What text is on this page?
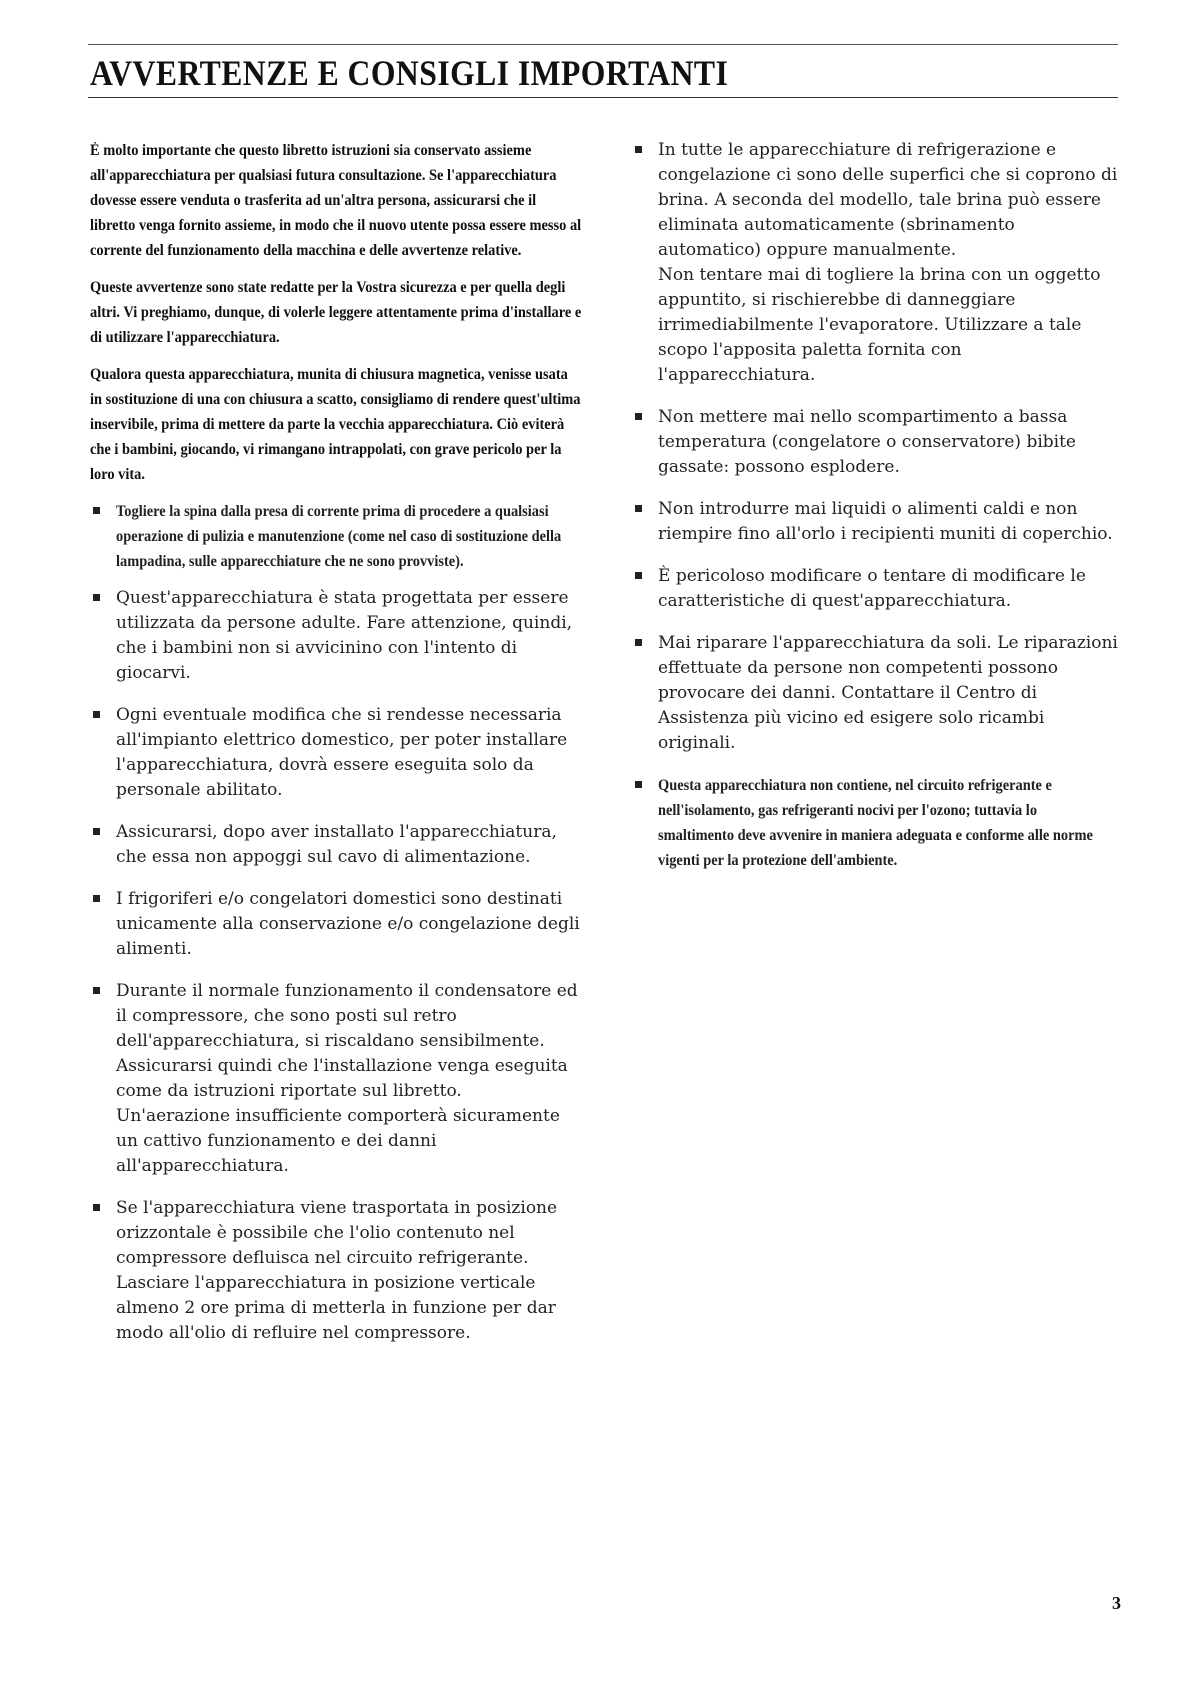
AVVERTENZE E CONSIGLI IMPORTANTI

È molto importante che questo libretto istruzioni sia conservato assieme all'apparecchiatura per qualsiasi futura consultazione. Se l'apparecchiatura dovesse essere venduta o trasferita ad un'altra persona, assicurarsi che il libretto venga fornito assieme, in modo che il nuovo utente possa essere messo al corrente del funzionamento della macchina e delle avvertenze relative.

Queste avvertenze sono state redatte per la Vostra sicurezza e per quella degli altri. Vi preghiamo, dunque, di volerle leggere attentamente prima d'installare e di utilizzare l'apparecchiatura.

Qualora questa apparecchiatura, munita di chiusura magnetica, venisse usata in sostituzione di una con chiusura a scatto, consigliamo di rendere quest'ultima inservibile, prima di mettere da parte la vecchia apparecchiatura. Ciò eviterà che i bambini, giocando, vi rimangano intrappolati, con grave pericolo per la loro vita.

Togliere la spina dalla presa di corrente prima di procedere a qualsiasi operazione di pulizia e manutenzione (come nel caso di sostituzione della lampadina, sulle apparecchiature che ne sono provviste).
Quest'apparecchiatura è stata progettata per essere utilizzata da persone adulte. Fare attenzione, quindi, che i bambini non si avvicinino con l'intento di giocarvi.
Ogni eventuale modifica che si rendesse necessaria all'impianto elettrico domestico, per poter installare l'apparecchiatura, dovrà essere eseguita solo da personale abilitato.
Assicurarsi, dopo aver installato l'apparecchiatura, che essa non appoggi sul cavo di alimentazione.
I frigoriferi e/o congelatori domestici sono destinati unicamente alla conservazione e/o congelazione degli alimenti.
Durante il normale funzionamento il condensatore ed il compressore, che sono posti sul retro dell'apparecchiatura, si riscaldano sensibilmente. Assicurarsi quindi che l'installazione venga eseguita come da istruzioni riportate sul libretto. Un'aerazione insufficiente comporterà sicuramente un cattivo funzionamento e dei danni all'apparecchiatura.
Se l'apparecchiatura viene trasportata in posizione orizzontale è possibile che l'olio contenuto nel compressore defluisca nel circuito refrigerante.
Lasciare l'apparecchiatura in posizione verticale almeno 2 ore prima di metterla in funzione per dar modo all'olio di refluire nel compressore.
In tutte le apparecchiature di refrigerazione e congelazione ci sono delle superfici che si coprono di brina. A seconda del modello, tale brina può essere eliminata automaticamente (sbrinamento automatico) oppure manualmente.
Non tentare mai di togliere la brina con un oggetto appuntito, si rischierebbe di danneggiare irrimediabilmente l'evaporatore. Utilizzare a tale scopo l'apposita paletta fornita con l'apparecchiatura.
Non mettere mai nello scompartimento a bassa temperatura (congelatore o conservatore) bibite gassate: possono esplodere.
Non introdurre mai liquidi o alimenti caldi e non riempire fino all'orlo i recipienti muniti di coperchio.
È pericoloso modificare o tentare di modificare le caratteristiche di quest'apparecchiatura.
Mai riparare l'apparecchiatura da soli. Le riparazioni effettuate da persone non competenti possono provocare dei danni. Contattare il Centro di Assistenza più vicino ed esigere solo ricambi originali.
Questa apparecchiatura non contiene, nel circuito refrigerante e nell'isolamento, gas refrigeranti nocivi per l'ozono; tuttavia lo smaltimento deve avvenire in maniera adeguata e conforme alle norme vigenti per la protezione dell'ambiente.
3
